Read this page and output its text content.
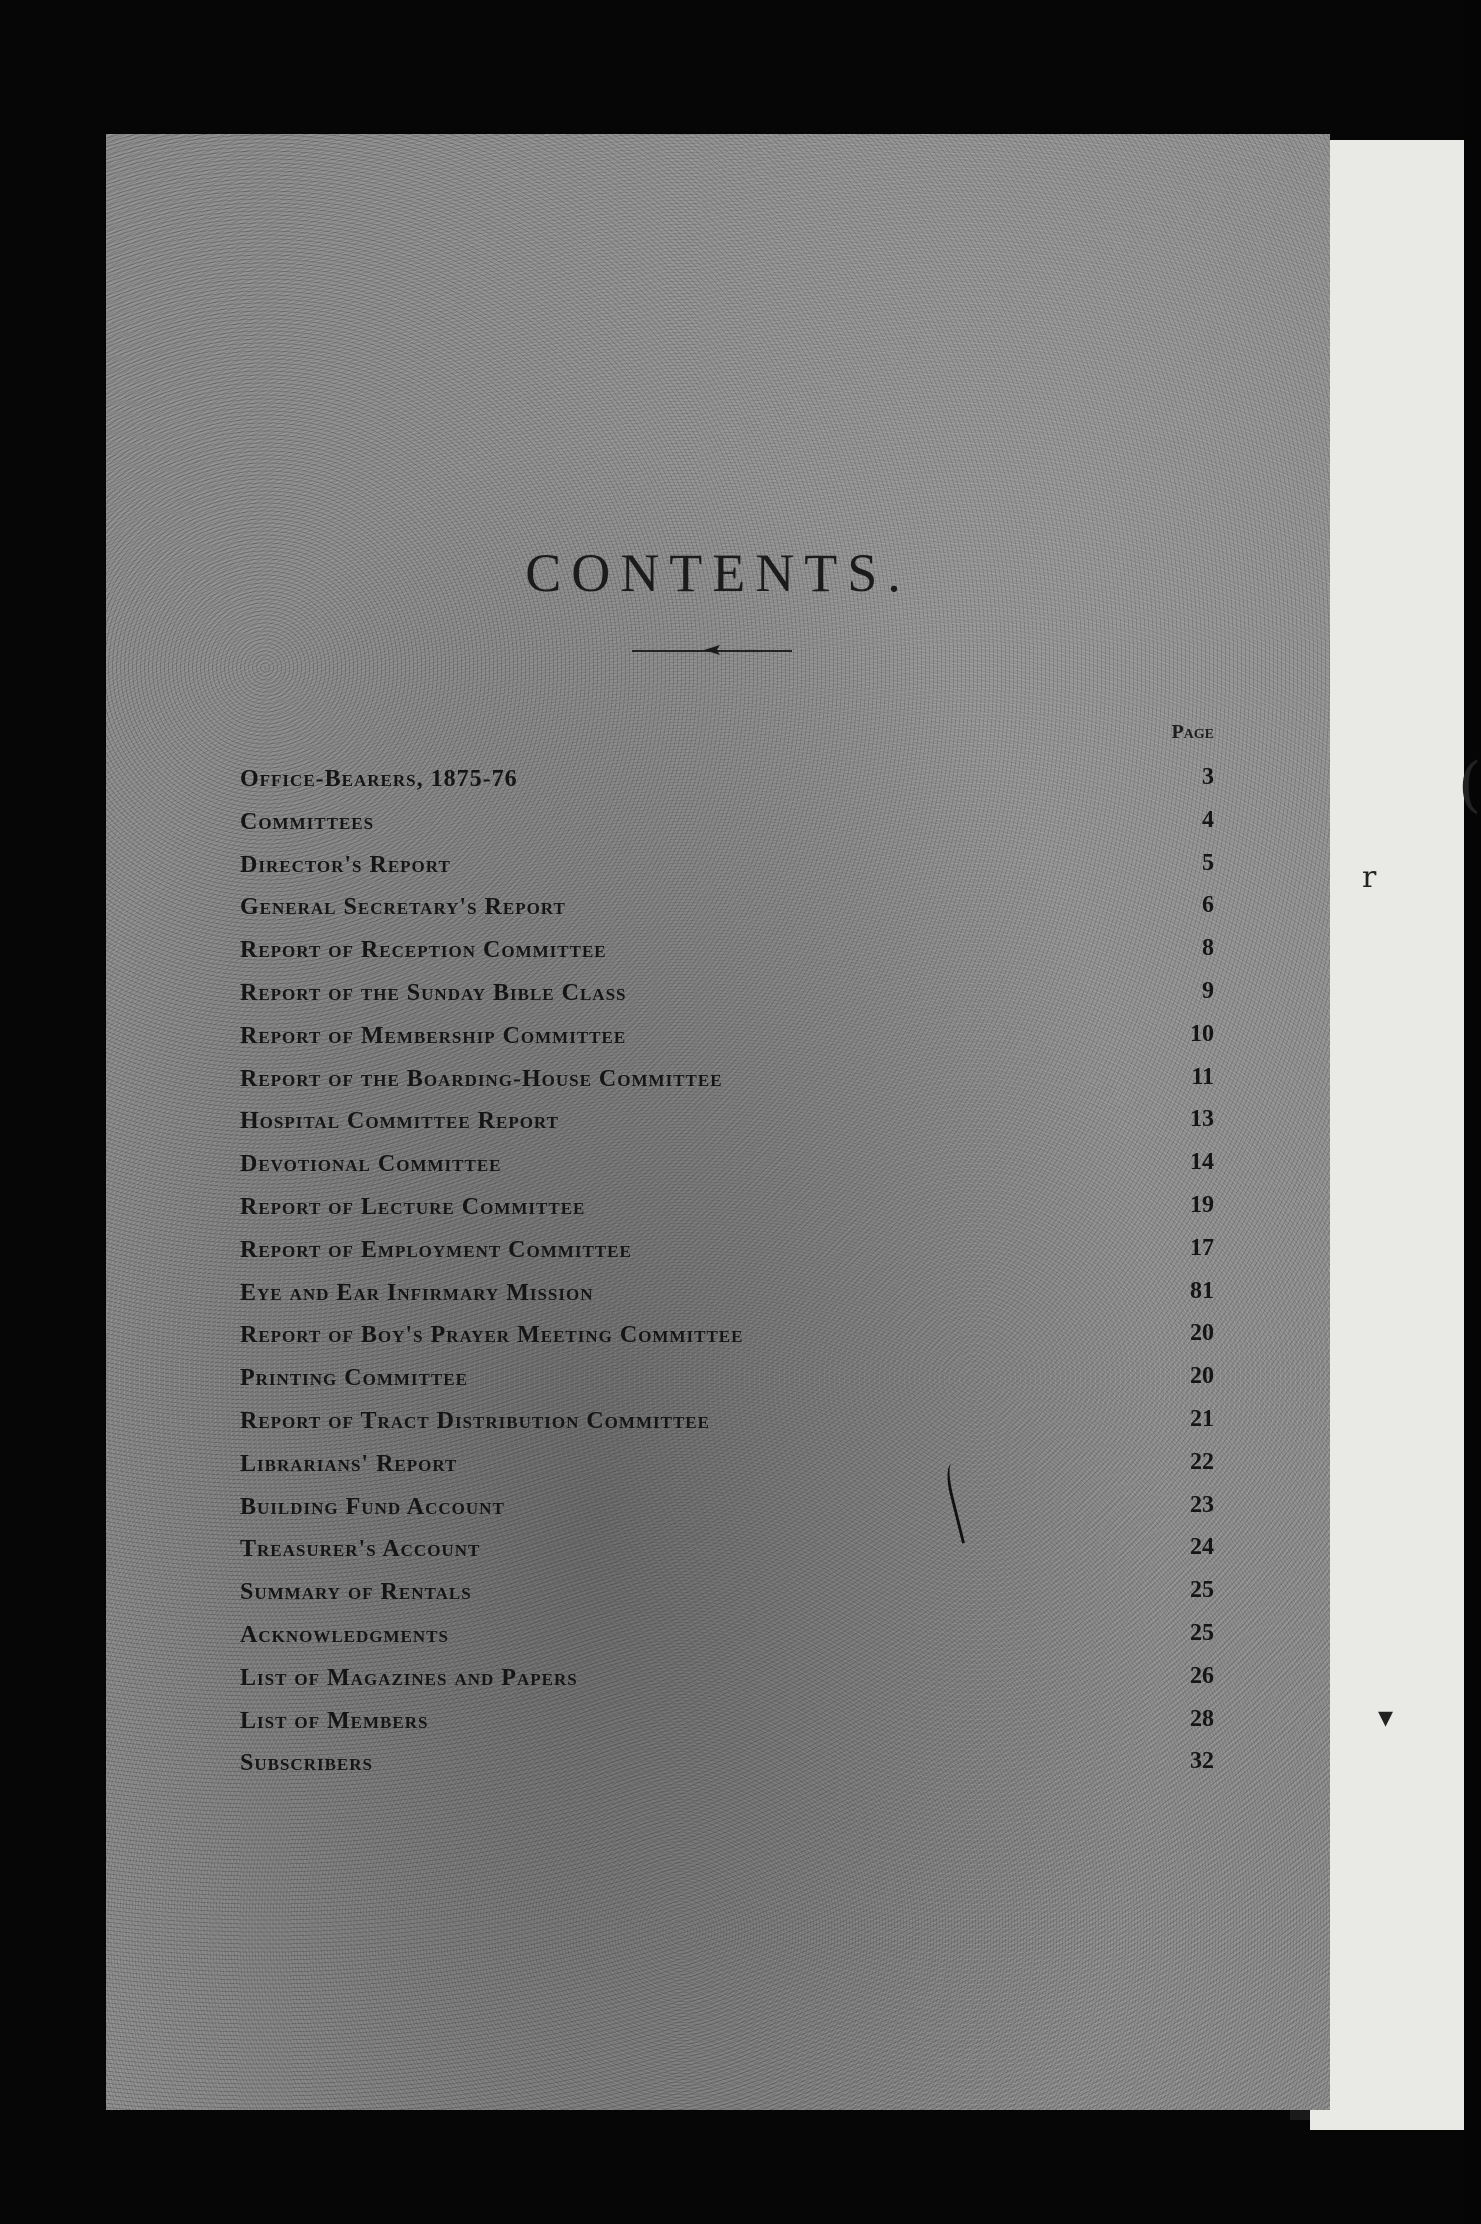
(
r
▾
CONTENTS.
Page
Office-Bearers, 1875-76	3
Committees	4
Director's Report	5
General Secretary's Report	6
Report of Reception Committee	8
Report of the Sunday Bible Class	9
Report of Membership Committee	10
Report of the Boarding-House Committee	11
Hospital Committee Report	13
Devotional Committee	14
Report of Lecture Committee	19
Report of Employment Committee	17
Eye and Ear Infirmary Mission	81
Report of Boy's Prayer Meeting Committee	20
Printing Committee	20
Report of Tract Distribution Committee	21
Librarians' Report	22
Building Fund Account	23
Treasurer's Account	24
Summary of Rentals	25
Acknowledgments	25
List of Magazines and Papers	26
List of Members	28
Subscribers	32
